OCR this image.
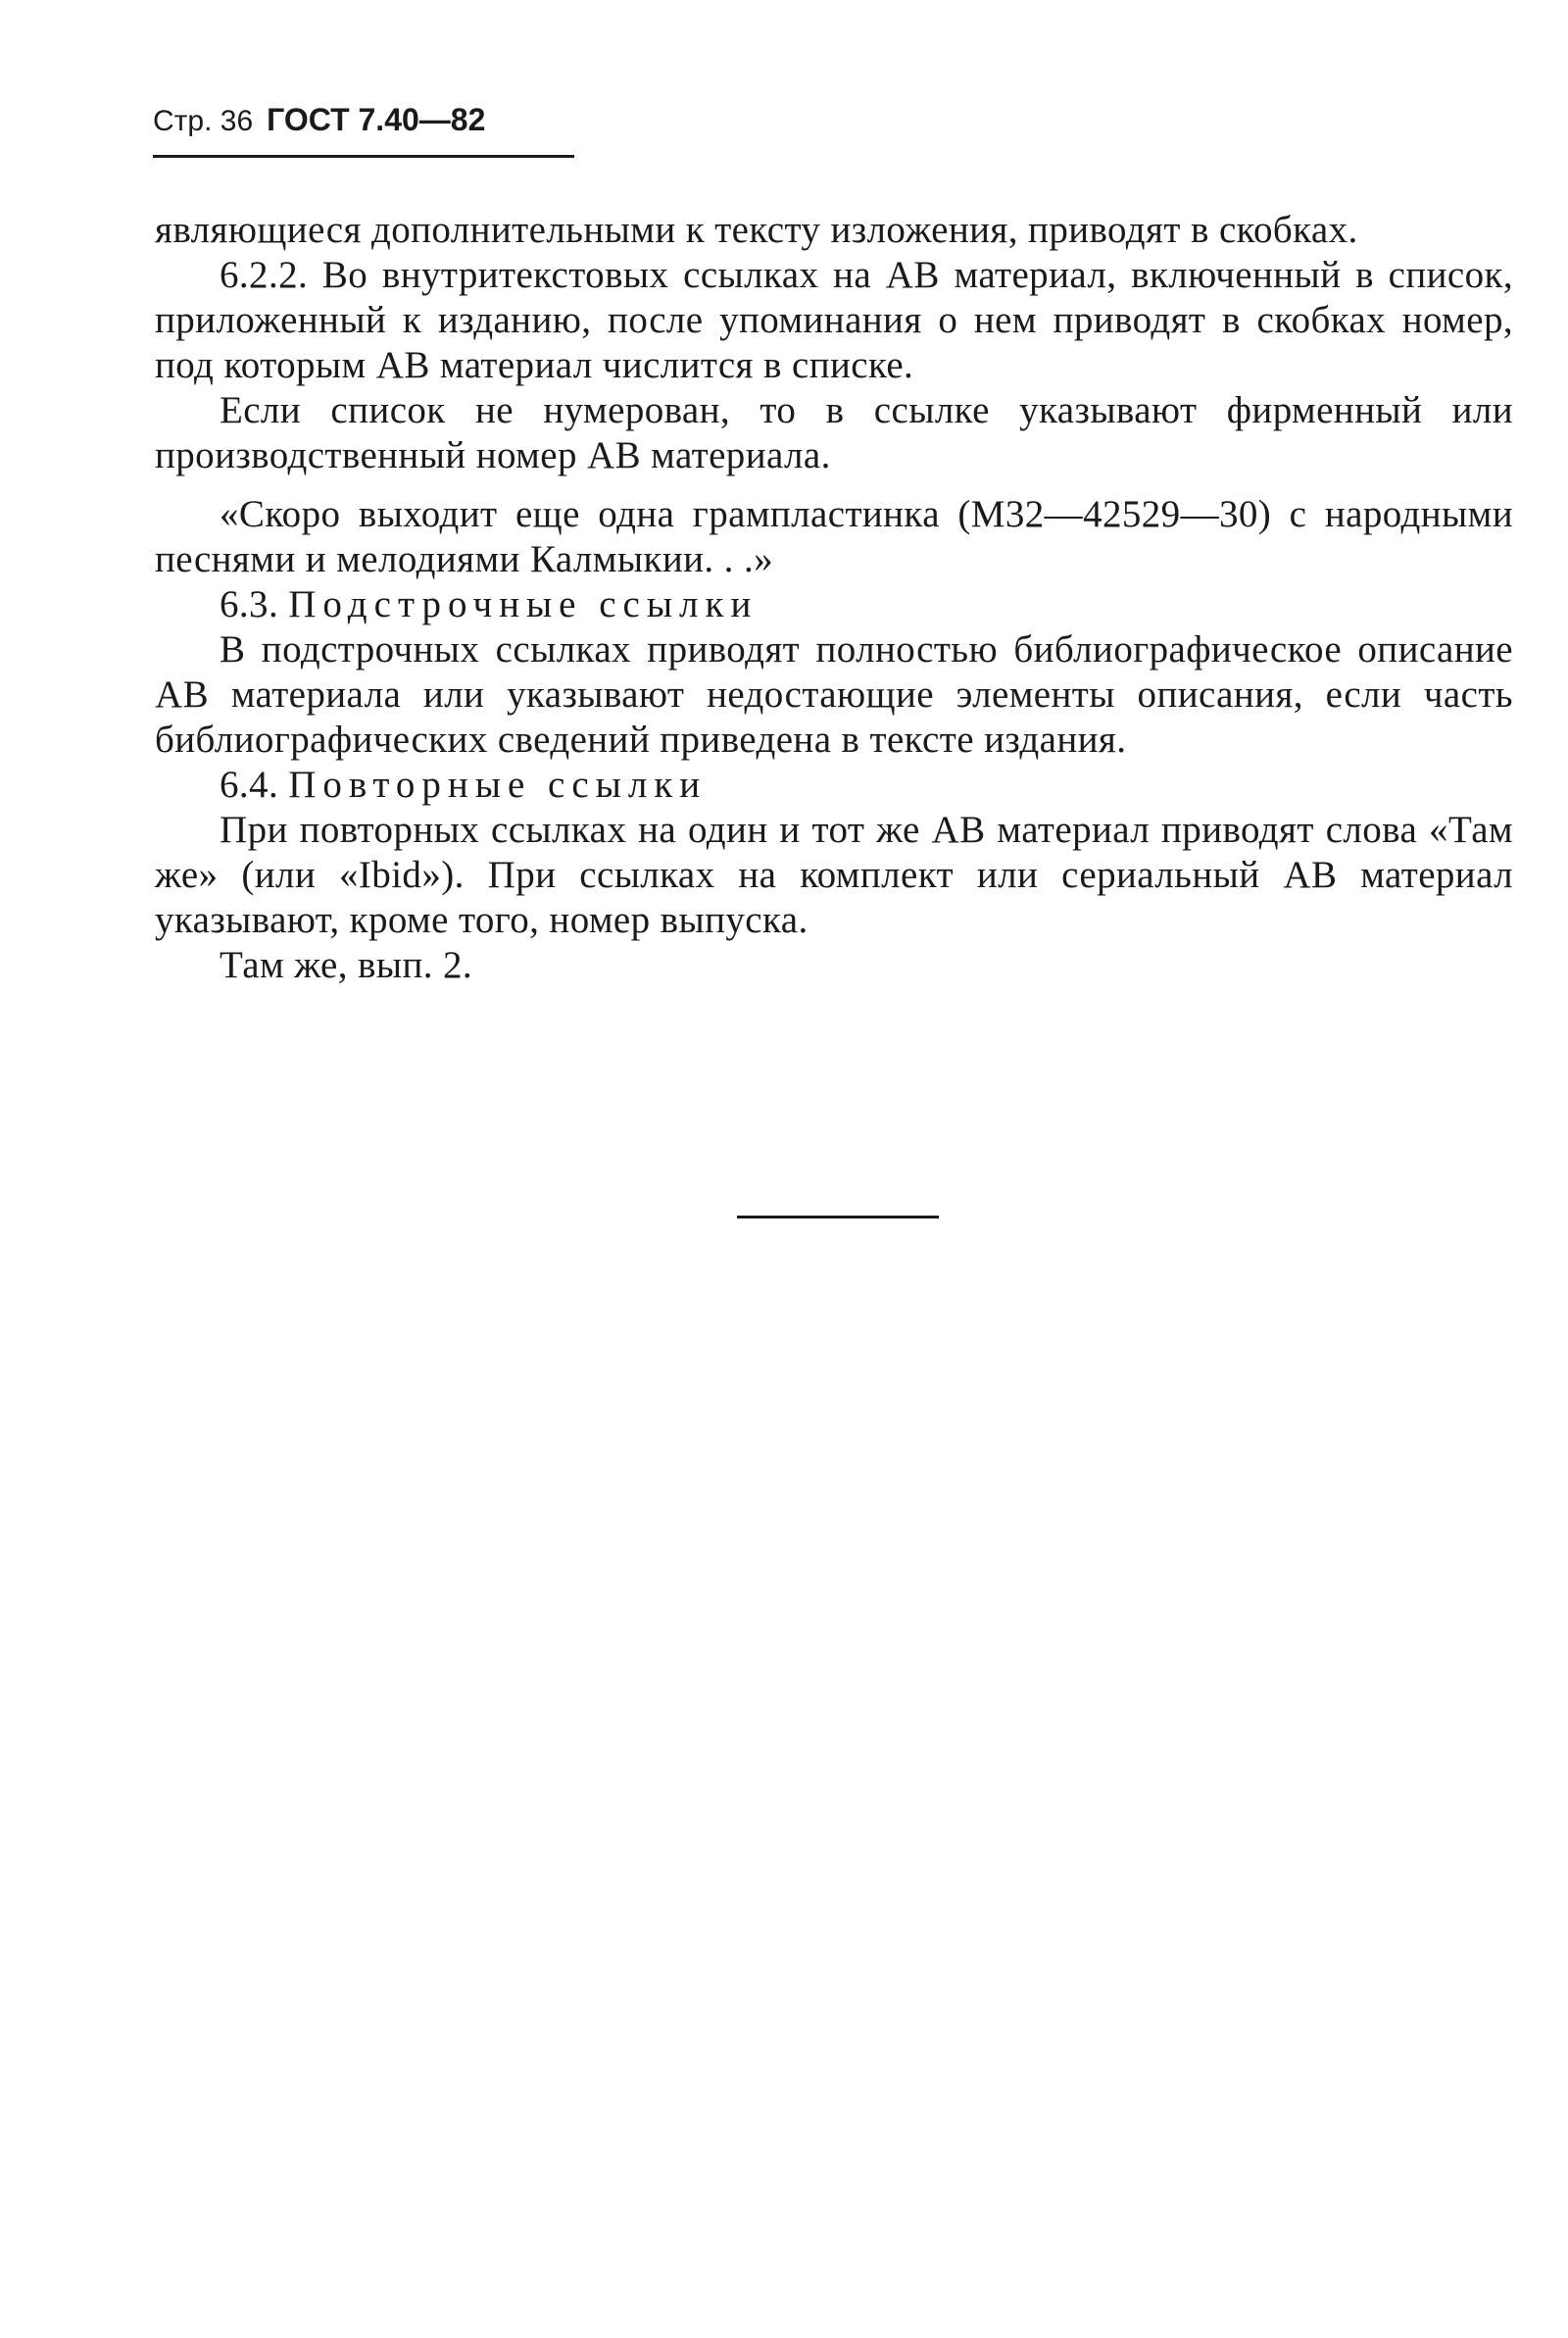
Стр. 36 ГОСТ 7.40—82

являющиеся дополнительными к тексту изложения, приводят в скобках.

6.2.2. Во внутритекстовых ссылках на АВ материал, включенный в список, приложенный к изданию, после упоминания о нем приводят в скобках номер, под которым АВ материал числится в списке.

Если список не нумерован, то в ссылке указывают фирменный или производственный номер АВ материала.

«Скоро выходит еще одна грампластинка (М32—42529—30) с народными песнями и мелодиями Калмыкии. . .»

6.3. Подстрочные ссылки

В подстрочных ссылках приводят полностью библиографическое описание АВ материала или указывают недостающие элементы описания, если часть библиографических сведений приведена в тексте издания.

6.4. Повторные ссылки

При повторных ссылках на один и тот же АВ материал приводят слова «Там же» (или «Ibid»). При ссылках на комплект или сериальный АВ материал указывают, кроме того, номер выпуска.

Там же, вып. 2.
